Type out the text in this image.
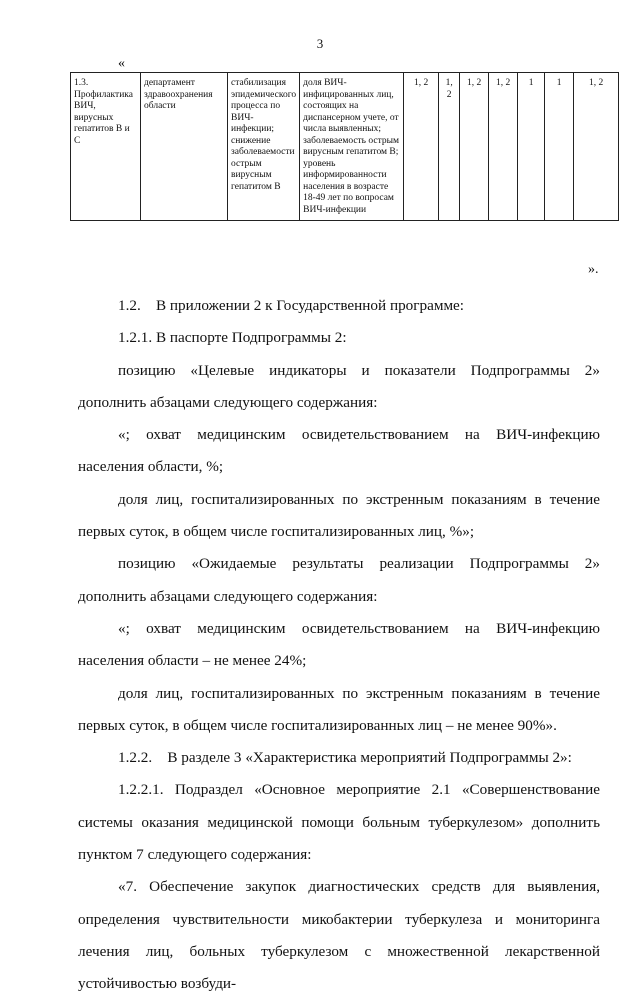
3
«
1.3. Профилактика ВИЧ, вирусных гепатитов В и С	департамент здравоохранения области	стабилизация эпидемического процесса по ВИЧ-инфекции; снижение заболеваемости острым вирусным гепатитом В	доля ВИЧ-инфицированных лиц, состоящих на диспансерном учете, от числа выявленных; заболеваемость острым вирусным гепатитом В; уровень информированности населения в возрасте 18-49 лет по вопросам ВИЧ-инфекции	1, 2	1, 2	1, 2	1, 2	1	1	1, 2
».

1.2.    В приложении 2 к Государственной программе:

1.2.1. В паспорте Подпрограммы 2:

позицию «Целевые индикаторы и показатели Подпрограммы 2» дополнить абзацами следующего содержания:

«; охват медицинским освидетельствованием на ВИЧ-инфекцию населения области, %;

доля лиц, госпитализированных по экстренным показаниям в течение первых суток, в общем числе госпитализированных лиц, %»;

позицию «Ожидаемые результаты реализации Подпрограммы 2» дополнить абзацами следующего содержания:

«; охват медицинским освидетельствованием на ВИЧ-инфекцию населения области – не менее 24%;

доля лиц, госпитализированных по экстренным показаниям в течение первых суток, в общем числе госпитализированных лиц – не менее 90%».

1.2.2.    В разделе 3 «Характеристика мероприятий Подпрограммы 2»:

1.2.2.1. Подраздел «Основное мероприятие 2.1 «Совершенствование системы оказания медицинской помощи больным туберкулезом» дополнить пунктом 7 следующего содержания:

«7. Обеспечение закупок диагностических средств для выявления, определения чувствительности микобактерии туберкулеза и мониторинга лечения лиц, больных туберкулезом с множественной лекарственной устойчивостью возбуди-
